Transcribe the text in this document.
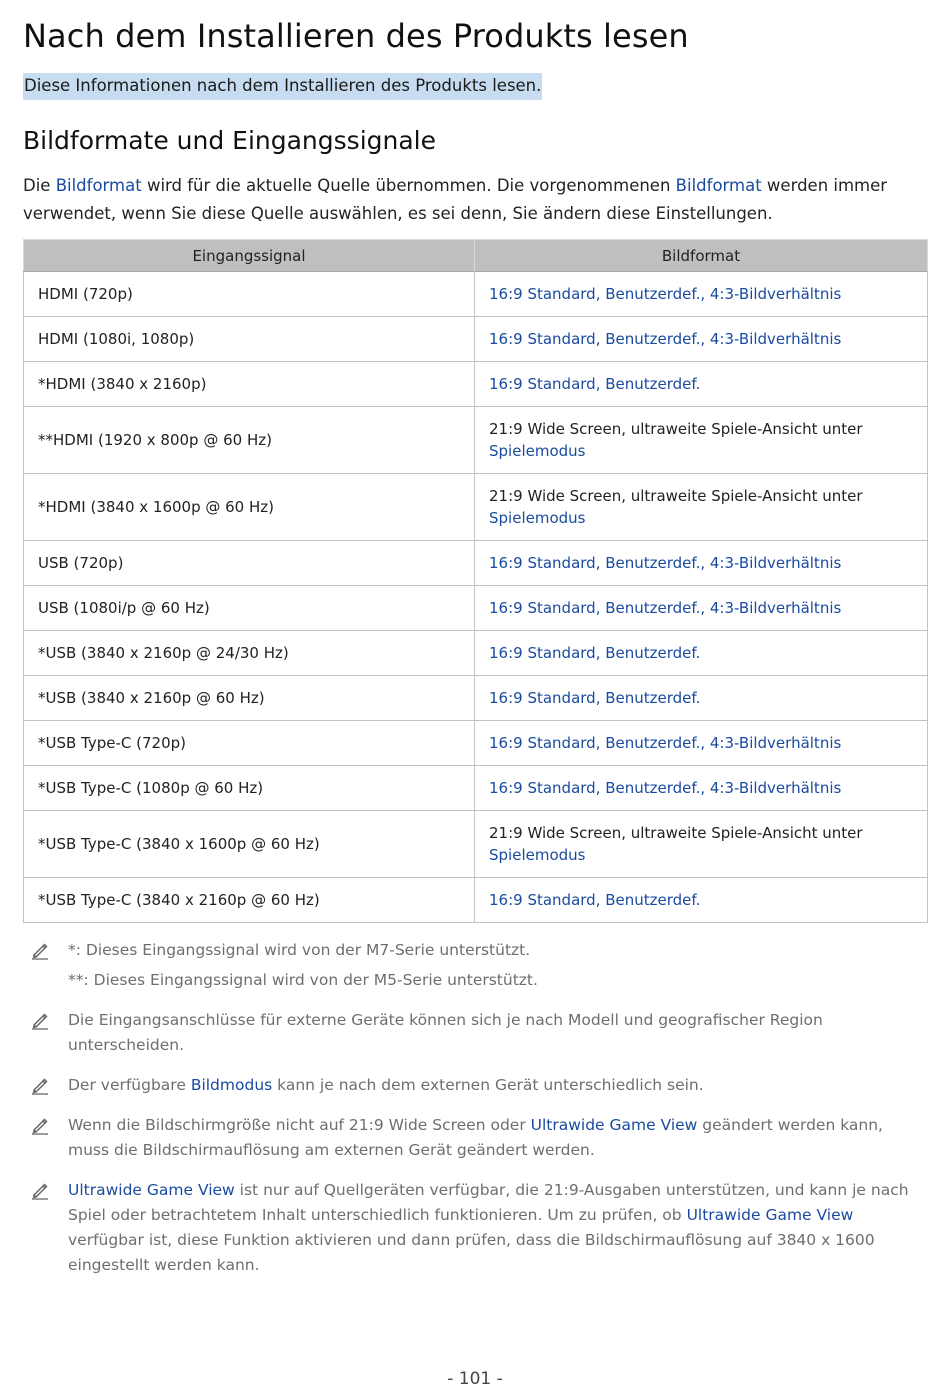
Nach dem Installieren des Produkts lesen
Diese Informationen nach dem Installieren des Produkts lesen.
Bildformate und Eingangssignale

Die Bildformat wird für die aktuelle Quelle übernommen. Die vorgenommenen Bildformat werden immer verwendet, wenn Sie diese Quelle auswählen, es sei denn, Sie ändern diese Einstellungen.

Eingangssignal	Bildformat
HDMI (720p)	16:9 Standard, Benutzerdef., 4:3-Bildverhältnis
HDMI (1080i, 1080p)	16:9 Standard, Benutzerdef., 4:3-Bildverhältnis
*HDMI (3840 x 2160p)	16:9 Standard, Benutzerdef.
**HDMI (1920 x 800p @ 60 Hz)	21:9 Wide Screen, ultraweite Spiele-Ansicht unter
Spielemodus
*HDMI (3840 x 1600p @ 60 Hz)	21:9 Wide Screen, ultraweite Spiele-Ansicht unter
Spielemodus
USB (720p)	16:9 Standard, Benutzerdef., 4:3-Bildverhältnis
USB (1080i/p @ 60 Hz)	16:9 Standard, Benutzerdef., 4:3-Bildverhältnis
*USB (3840 x 2160p @ 24/30 Hz)	16:9 Standard, Benutzerdef.
*USB (3840 x 2160p @ 60 Hz)	16:9 Standard, Benutzerdef.
*USB Type-C (720p)	16:9 Standard, Benutzerdef., 4:3-Bildverhältnis
*USB Type-C (1080p @ 60 Hz)	16:9 Standard, Benutzerdef., 4:3-Bildverhältnis
*USB Type-C (3840 x 1600p @ 60 Hz)	21:9 Wide Screen, ultraweite Spiele-Ansicht unter
Spielemodus
*USB Type-C (3840 x 2160p @ 60 Hz)	16:9 Standard, Benutzerdef.
*: Dieses Eingangssignal wird von der M7-Serie unterstützt.
**: Dieses Eingangssignal wird von der M5-Serie unterstützt.
Die Eingangsanschlüsse für externe Geräte können sich je nach Modell und geografischer Region unterscheiden.
Der verfügbare Bildmodus kann je nach dem externen Gerät unterschiedlich sein.
Wenn die Bildschirmgröße nicht auf 21:9 Wide Screen oder Ultrawide Game View geändert werden kann, muss die Bildschirmauflösung am externen Gerät geändert werden.
Ultrawide Game View ist nur auf Quellgeräten verfügbar, die 21:9-Ausgaben unterstützen, und kann je nach Spiel oder betrachtetem Inhalt unterschiedlich funktionieren. Um zu prüfen, ob Ultrawide Game View verfügbar ist, diese Funktion aktivieren und dann prüfen, dass die Bildschirmauflösung auf 3840 x 1600 eingestellt werden kann.
- 101 -
